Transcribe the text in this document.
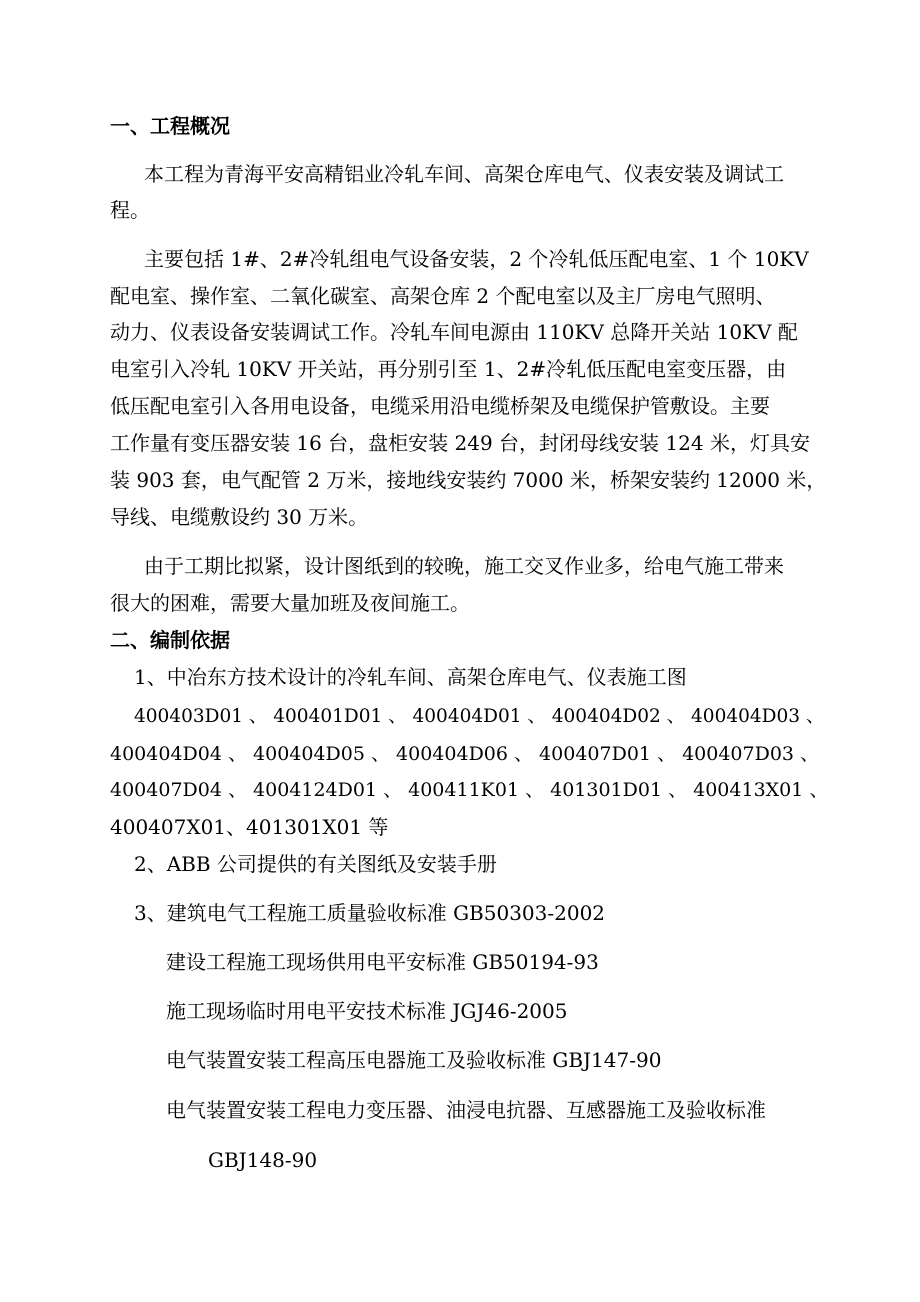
一、工程概况
本工程为青海平安高精铝业冷轧车间、高架仓库电气、仪表安装及调试工
程。
主要包括 1#、2#冷轧组电气设备安装，2 个冷轧低压配电室、1 个 10KV
配电室、操作室、二氧化碳室、高架仓库 2 个配电室以及主厂房电气照明、
动力、仪表设备安装调试工作。冷轧车间电源由 110KV 总降开关站 10KV 配
电室引入冷轧 10KV 开关站，再分别引至 1、2#冷轧低压配电室变压器，由
低压配电室引入各用电设备，电缆采用沿电缆桥架及电缆保护管敷设。主要
工作量有变压器安装 16 台，盘柜安装 249 台，封闭母线安装 124 米，灯具安
装 903 套，电气配管 2 万米，接地线安装约 7000 米，桥架安装约 12000 米，
导线、电缆敷设约 30 万米。
由于工期比拟紧，设计图纸到的较晚，施工交叉作业多，给电气施工带来
很大的困难，需要大量加班及夜间施工。
二、编制依据
1、中冶东方技术设计的冷轧车间、高架仓库电气、仪表施工图
400403D01 、 400401D01 、 400404D01 、 400404D02 、 400404D03 、
400404D04 、 400404D05 、 400404D06 、 400407D01 、 400407D03 、
400407D04 、 4004124D01 、 400411K01 、 401301D01 、 400413X01 、
400407X01、401301X01 等
2、ABB 公司提供的有关图纸及安装手册
3、建筑电气工程施工质量验收标准 GB50303-2002
建设工程施工现场供用电平安标准 GB50194-93
施工现场临时用电平安技术标准 JGJ46-2005
电气装置安装工程高压电器施工及验收标准 GBJ147-90
电气装置安装工程电力变压器、油浸电抗器、互感器施工及验收标准
GBJ148-90
